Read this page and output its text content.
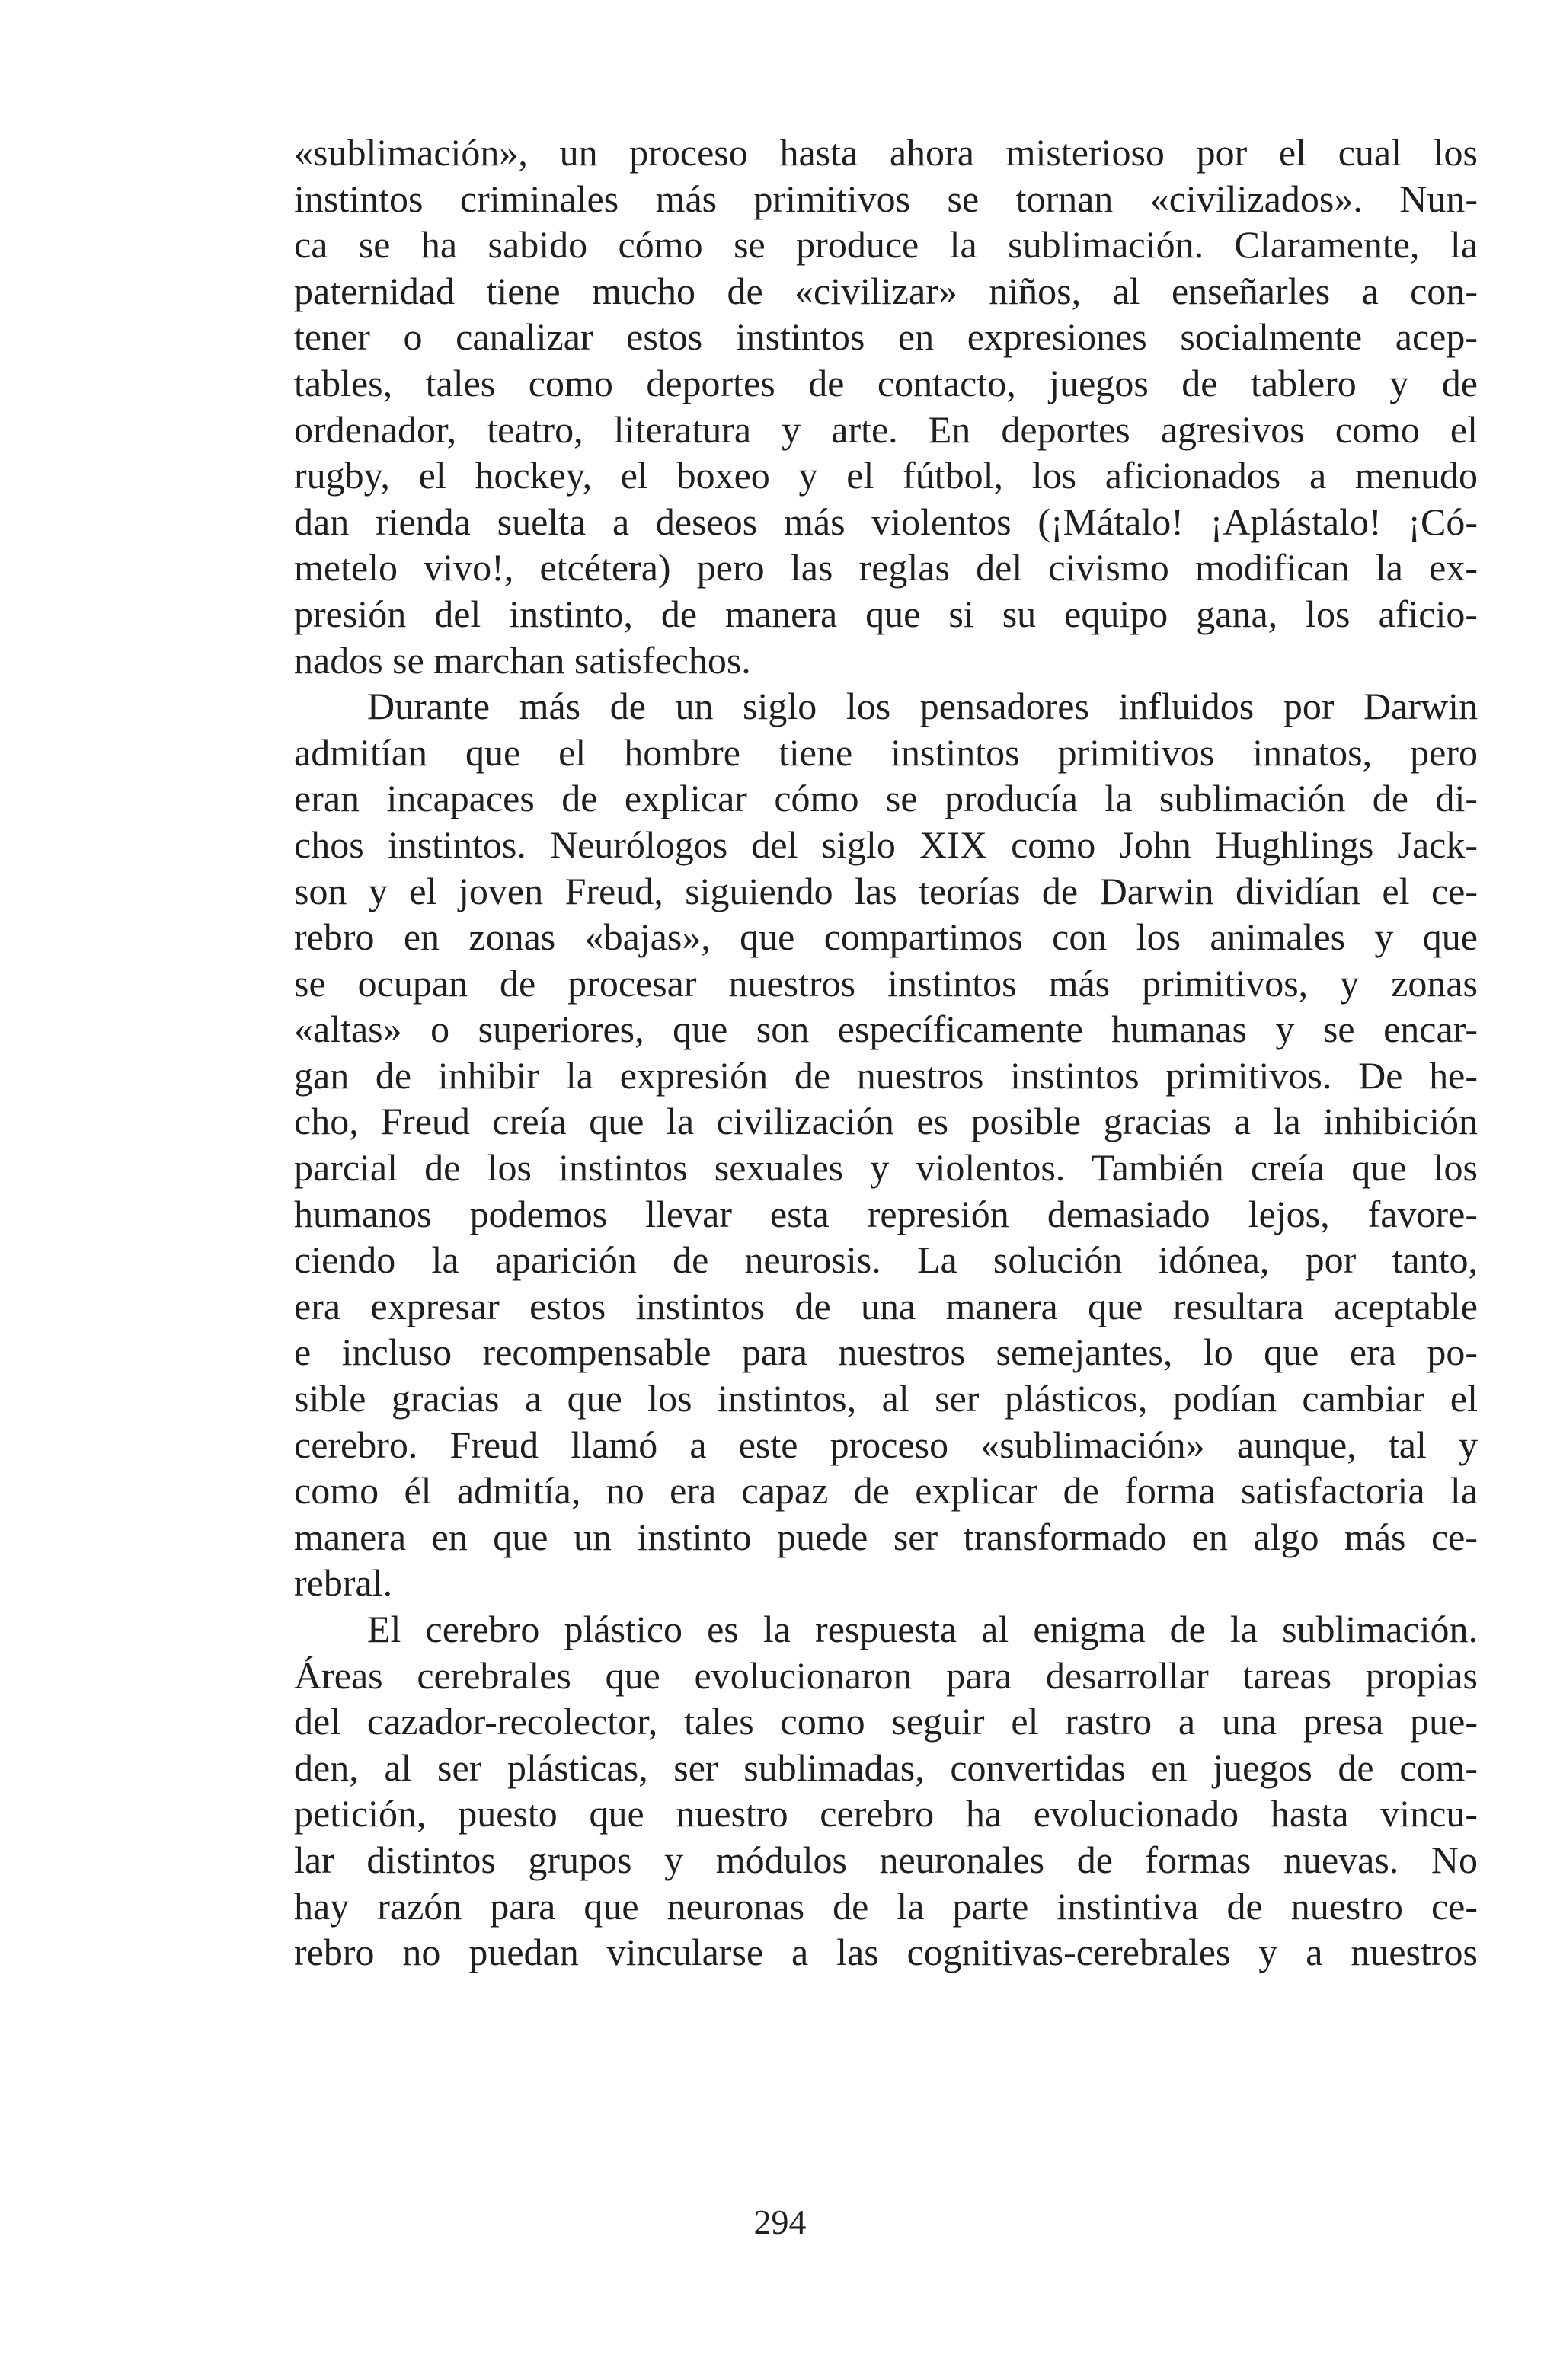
«sublimación», un proceso hasta ahora misterioso por el cual los
instintos criminales más primitivos se tornan «civilizados». Nun-
ca se ha sabido cómo se produce la sublimación. Claramente, la
paternidad tiene mucho de «civilizar» niños, al enseñarles a con-
tener o canalizar estos instintos en expresiones socialmente acep-
tables, tales como deportes de contacto, juegos de tablero y de
ordenador, teatro, literatura y arte. En deportes agresivos como el
rugby, el hockey, el boxeo y el fútbol, los aficionados a menudo
dan rienda suelta a deseos más violentos (¡Mátalo! ¡Aplástalo! ¡Có-
metelo vivo!, etcétera) pero las reglas del civismo modifican la ex-
presión del instinto, de manera que si su equipo gana, los aficio-
nados se marchan satisfechos.
Durante más de un siglo los pensadores influidos por Darwin
admitían que el hombre tiene instintos primitivos innatos, pero
eran incapaces de explicar cómo se producía la sublimación de di-
chos instintos. Neurólogos del siglo XIX como John Hughlings Jack-
son y el joven Freud, siguiendo las teorías de Darwin dividían el ce-
rebro en zonas «bajas», que compartimos con los animales y que
se ocupan de procesar nuestros instintos más primitivos, y zonas
«altas» o superiores, que son específicamente humanas y se encar-
gan de inhibir la expresión de nuestros instintos primitivos. De he-
cho, Freud creía que la civilización es posible gracias a la inhibición
parcial de los instintos sexuales y violentos. También creía que los
humanos podemos llevar esta represión demasiado lejos, favore-
ciendo la aparición de neurosis. La solución idónea, por tanto,
era expresar estos instintos de una manera que resultara aceptable
e incluso recompensable para nuestros semejantes, lo que era po-
sible gracias a que los instintos, al ser plásticos, podían cambiar el
cerebro. Freud llamó a este proceso «sublimación» aunque, tal y
como él admitía, no era capaz de explicar de forma satisfactoria la
manera en que un instinto puede ser transformado en algo más ce-
rebral.
El cerebro plástico es la respuesta al enigma de la sublimación.
Áreas cerebrales que evolucionaron para desarrollar tareas propias
del cazador-recolector, tales como seguir el rastro a una presa pue-
den, al ser plásticas, ser sublimadas, convertidas en juegos de com-
petición, puesto que nuestro cerebro ha evolucionado hasta vincu-
lar distintos grupos y módulos neuronales de formas nuevas. No
hay razón para que neuronas de la parte instintiva de nuestro ce-
rebro no puedan vincularse a las cognitivas-cerebrales y a nuestros
294
